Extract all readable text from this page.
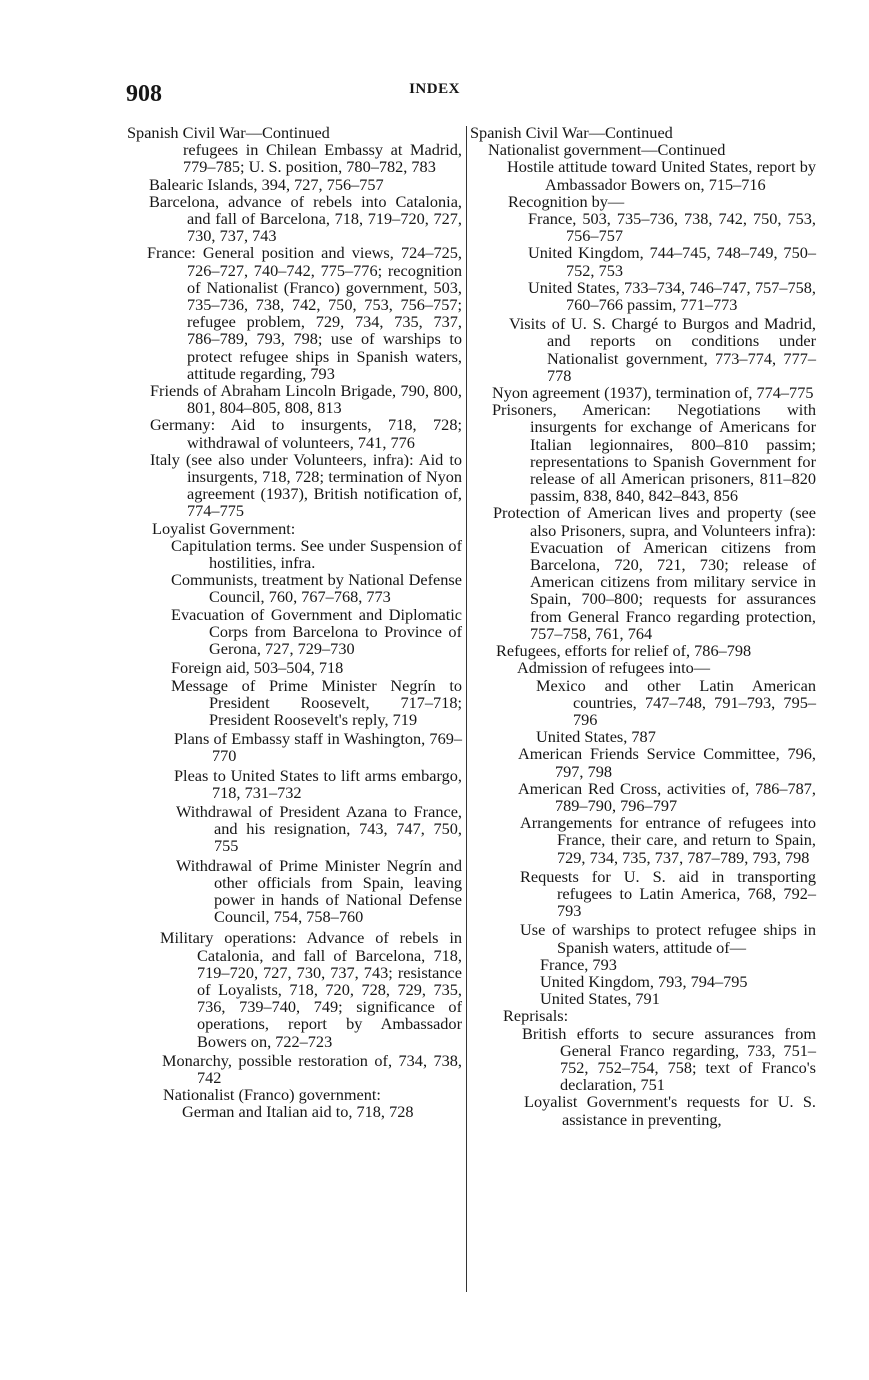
908	INDEX
Spanish Civil War—Continued
refugees in Chilean Embassy at Madrid, 779–785; U. S. position, 780–782, 783
Balearic Islands, 394, 727, 756–757
Barcelona, advance of rebels into Catalonia, and fall of Barcelona, 718, 719–720, 727, 730, 737, 743
France: General position and views, 724–725, 726–727, 740–742, 775–776; recognition of Nationalist (Franco) government, 503, 735–736, 738, 742, 750, 753, 756–757; refugee problem, 729, 734, 735, 737, 786–789, 793, 798; use of warships to protect refugee ships in Spanish waters, attitude regarding, 793
Friends of Abraham Lincoln Brigade, 790, 800, 801, 804–805, 808, 813
Germany: Aid to insurgents, 718, 728; withdrawal of volunteers, 741, 776
Italy (see also under Volunteers, infra): Aid to insurgents, 718, 728; termination of Nyon agreement (1937), British notification of, 774–775
Loyalist Government:
Capitulation terms. See under Suspension of hostilities, infra.
Communists, treatment by National Defense Council, 760, 767–768, 773
Evacuation of Government and Diplomatic Corps from Barcelona to Province of Gerona, 727, 729–730
Foreign aid, 503–504, 718
Message of Prime Minister Negrín to President Roosevelt, 717–718; President Roosevelt's reply, 719
Plans of Embassy staff in Washington, 769–770
Pleas to United States to lift arms embargo, 718, 731–732
Withdrawal of President Azana to France, and his resignation, 743, 747, 750, 755
Withdrawal of Prime Minister Negrín and other officials from Spain, leaving power in hands of National Defense Council, 754, 758–760
Military operations: Advance of rebels in Catalonia, and fall of Barcelona, 718, 719–720, 727, 730, 737, 743; resistance of Loyalists, 718, 720, 728, 729, 735, 736, 739–740, 749; significance of operations, report by Ambassador Bowers on, 722–723
Monarchy, possible restoration of, 734, 738, 742
Nationalist (Franco) government:
German and Italian aid to, 718, 728
Spanish Civil War—Continued
Nationalist government—Continued
Hostile attitude toward United States, report by Ambassador Bowers on, 715–716
Recognition by—
France, 503, 735–736, 738, 742, 750, 753, 756–757
United Kingdom, 744–745, 748–749, 750–752, 753
United States, 733–734, 746–747, 757–758, 760–766 passim, 771–773
Visits of U. S. Chargé to Burgos and Madrid, and reports on conditions under Nationalist government, 773–774, 777–778
Nyon agreement (1937), termination of, 774–775
Prisoners, American: Negotiations with insurgents for exchange of Americans for Italian legionnaires, 800–810 passim; representations to Spanish Government for release of all American prisoners, 811–820 passim, 838, 840, 842–843, 856
Protection of American lives and property (see also Prisoners, supra, and Volunteers infra): Evacuation of American citizens from Barcelona, 720, 721, 730; release of American citizens from military service in Spain, 700–800; requests for assurances from General Franco regarding protection, 757–758, 761, 764
Refugees, efforts for relief of, 786–798
Admission of refugees into—
Mexico and other Latin American countries, 747–748, 791–793, 795–796
United States, 787
American Friends Service Committee, 796, 797, 798
American Red Cross, activities of, 786–787, 789–790, 796–797
Arrangements for entrance of refugees into France, their care, and return to Spain, 729, 734, 735, 737, 787–789, 793, 798
Requests for U. S. aid in transporting refugees to Latin America, 768, 792–793
Use of warships to protect refugee ships in Spanish waters, attitude of—
France, 793
United Kingdom, 793, 794–795
United States, 791
Reprisals:
British efforts to secure assurances from General Franco regarding, 733, 751–752, 752–754, 758; text of Franco's declaration, 751
Loyalist Government's requests for U. S. assistance in preventing,
